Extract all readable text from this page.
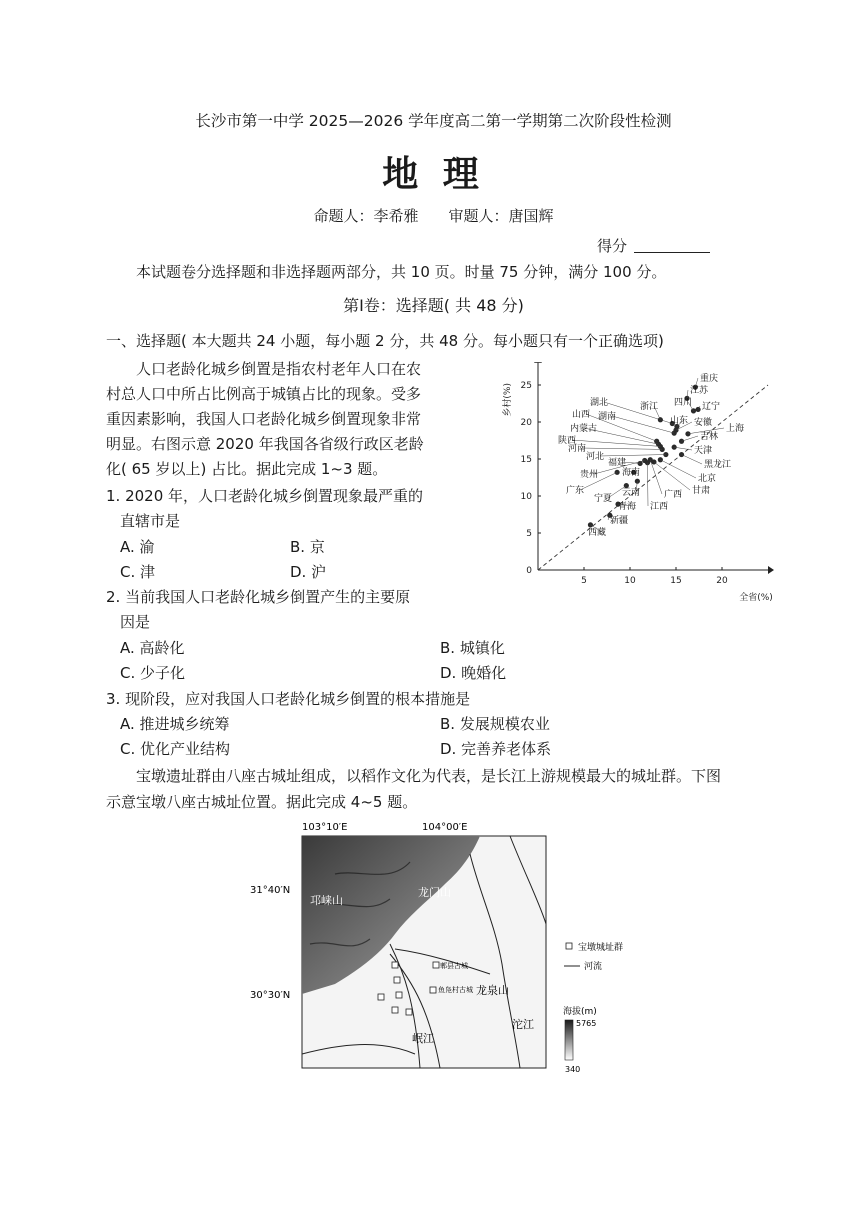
长沙市第一中学 2025—2026 学年度高二第一学期第二次阶段性检测
地 理
命题人：李希雅　　审题人：唐国辉
得分
本试题卷分选择题和非选择题两部分，共 10 页。时量 75 分钟，满分 100 分。
第Ⅰ卷：选择题( 共 48 分)
一、选择题( 本大题共 24 小题，每小题 2 分，共 48 分。每小题只有一个正确选项)
人口老龄化城乡倒置是指农村老年人口在农
村总人口中所占比例高于城镇占比的现象。受多
重因素影响，我国人口老龄化城乡倒置现象非常
明显。右图示意 2020 年我国各省级行政区老龄
化( 65 岁以上) 占比。据此完成 1~3 题。
1. 2020 年，人口老龄化城乡倒置现象最严重的
直辖市是
A. 渝	B. 京
C. 津	D. 沪
2. 当前我国人口老龄化城乡倒置产生的主要原
因是
A. 高龄化	B. 城镇化
C. 少子化	D. 晚婚化
3. 现阶段，应对我国人口老龄化城乡倒置的根本措施是
A. 推进城乡统筹	B. 发展规模农业
C. 优化产业结构	D. 完善养老体系
宝墩遗址群由八座古城址组成，以稻作文化为代表，是长江上游规模最大的城址群。下图
示意宝墩八座古城址位置。据此完成 4~5 题。
5	10	15	20
0
5
10
15
20
25
全省(%)
乡村(%)
重庆
江苏
四川 辽宁
湖北	浙江
山东 安徽
湖南
山西
上海
内蒙古
吉林
陕西
河南	天津
河北
黑龙江
福建
北京
海南
甘肃
贵州
广西
云南
江西
广东
宁夏
青海
新疆
西藏
103°10′E	104°00′E
31°40′N
30°30′N
邛崃山
龙门山
龙泉山
岷江
沱江
郫县古城
鱼凫村古城
宝墩城址群
河流
海拔(m)
5765
340
